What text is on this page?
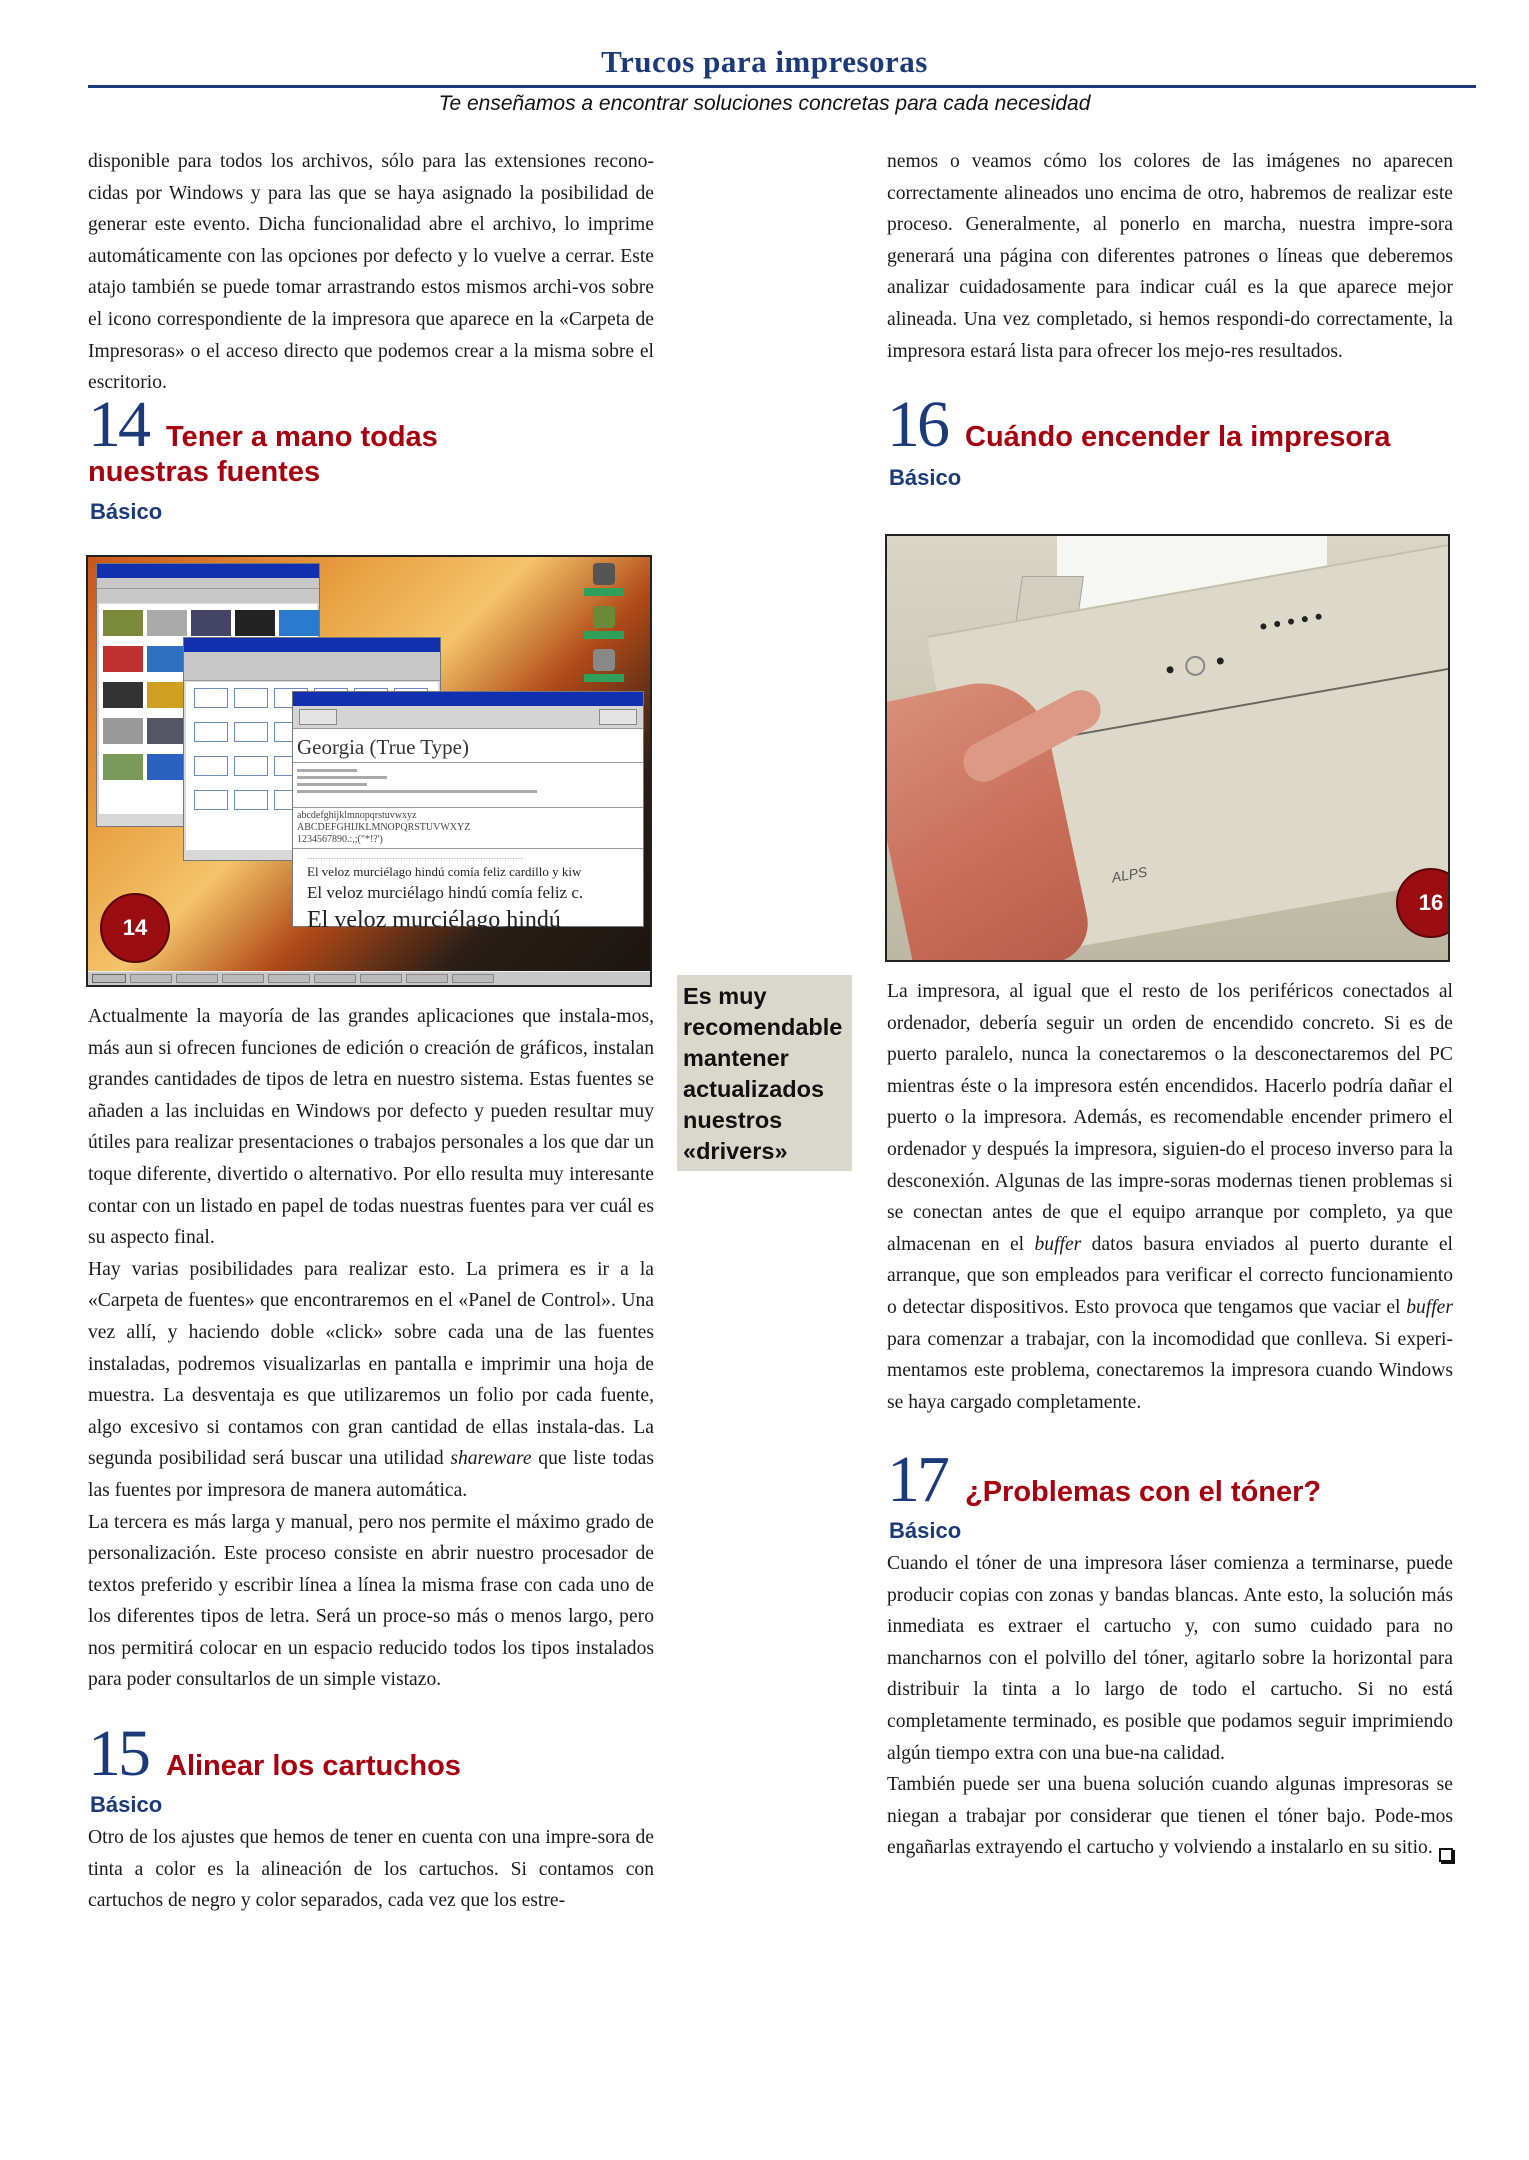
Trucos para impresoras
Te enseñamos a encontrar soluciones concretas para cada necesidad

disponible para todos los archivos, sólo para las extensiones recono-cidas por Windows y para las que se haya asignado la posibilidad de generar este evento. Dicha funcionalidad abre el archivo, lo imprime automáticamente con las opciones por defecto y lo vuelve a cerrar. Este atajo también se puede tomar arrastrando estos mismos archi-vos sobre el icono correspondiente de la impresora que aparece en la «Carpeta de Impresoras» o el acceso directo que podemos crear a la misma sobre el escritorio.

14 Tener a mano todas
nuestras fuentes
Básico
Georgia (True Type)
abcdefghijklmnopqrstuvwxyz
ABCDEFGHIJKLMNOPQRSTUVWXYZ
1234567890.:,;("*!?')
………………………………………………………………………
El veloz murciélago hindú comía feliz cardillo y kiw
El veloz murciélago hindú comía feliz c.
El veloz murciélago hindú
14
Es muy recomendable mantener actualizados nuestros «drivers»

Actualmente la mayoría de las grandes aplicaciones que instala-mos, más aun si ofrecen funciones de edición o creación de gráficos, instalan grandes cantidades de tipos de letra en nuestro sistema. Estas fuentes se añaden a las incluidas en Windows por defecto y pueden resultar muy útiles para realizar presentaciones o trabajos personales a los que dar un toque diferente, divertido o alternativo. Por ello resulta muy interesante contar con un listado en papel de todas nuestras fuentes para ver cuál es su aspecto final.

Hay varias posibilidades para realizar esto. La primera es ir a la «Carpeta de fuentes» que encontraremos en el «Panel de Control». Una vez allí, y haciendo doble «click» sobre cada una de las fuentes instaladas, podremos visualizarlas en pantalla e imprimir una hoja de muestra. La desventaja es que utilizaremos un folio por cada fuente, algo excesivo si contamos con gran cantidad de ellas instala-das. La segunda posibilidad será buscar una utilidad shareware que liste todas las fuentes por impresora de manera automática.

La tercera es más larga y manual, pero nos permite el máximo grado de personalización. Este proceso consiste en abrir nuestro procesador de textos preferido y escribir línea a línea la misma frase con cada uno de los diferentes tipos de letra. Será un proce-so más o menos largo, pero nos permitirá colocar en un espacio reducido todos los tipos instalados para poder consultarlos de un simple vistazo.

15 Alinear los cartuchos
Básico

Otro de los ajustes que hemos de tener en cuenta con una impre-sora de tinta a color es la alineación de los cartuchos. Si contamos con cartuchos de negro y color separados, cada vez que los estre-

nemos o veamos cómo los colores de las imágenes no aparecen correctamente alineados uno encima de otro, habremos de realizar este proceso. Generalmente, al ponerlo en marcha, nuestra impre-sora generará una página con diferentes patrones o líneas que deberemos analizar cuidadosamente para indicar cuál es la que aparece mejor alineada. Una vez completado, si hemos respondi-do correctamente, la impresora estará lista para ofrecer los mejo-res resultados.

16 Cuándo encender la impresora
Básico
ALPS
16

La impresora, al igual que el resto de los periféricos conectados al ordenador, debería seguir un orden de encendido concreto. Si es de puerto paralelo, nunca la conectaremos o la desconectaremos del PC mientras éste o la impresora estén encendidos. Hacerlo podría dañar el puerto o la impresora. Además, es recomendable encender primero el ordenador y después la impresora, siguien-do el proceso inverso para la desconexión. Algunas de las impre-soras modernas tienen problemas si se conectan antes de que el equipo arranque por completo, ya que almacenan en el buffer datos basura enviados al puerto durante el arranque, que son empleados para verificar el correcto funcionamiento o detectar dispositivos. Esto provoca que tengamos que vaciar el buffer para comenzar a trabajar, con la incomodidad que conlleva. Si experi-mentamos este problema, conectaremos la impresora cuando Windows se haya cargado completamente.

17 ¿Problemas con el tóner?
Básico

Cuando el tóner de una impresora láser comienza a terminarse, puede producir copias con zonas y bandas blancas. Ante esto, la solución más inmediata es extraer el cartucho y, con sumo cuidado para no mancharnos con el polvillo del tóner, agitarlo sobre la horizontal para distribuir la tinta a lo largo de todo el cartucho. Si no está completamente terminado, es posible que podamos seguir imprimiendo algún tiempo extra con una bue-na calidad.

También puede ser una buena solución cuando algunas impresoras se niegan a trabajar por considerar que tienen el tóner bajo. Pode-mos engañarlas extrayendo el cartucho y volviendo a instalarlo en su sitio.
